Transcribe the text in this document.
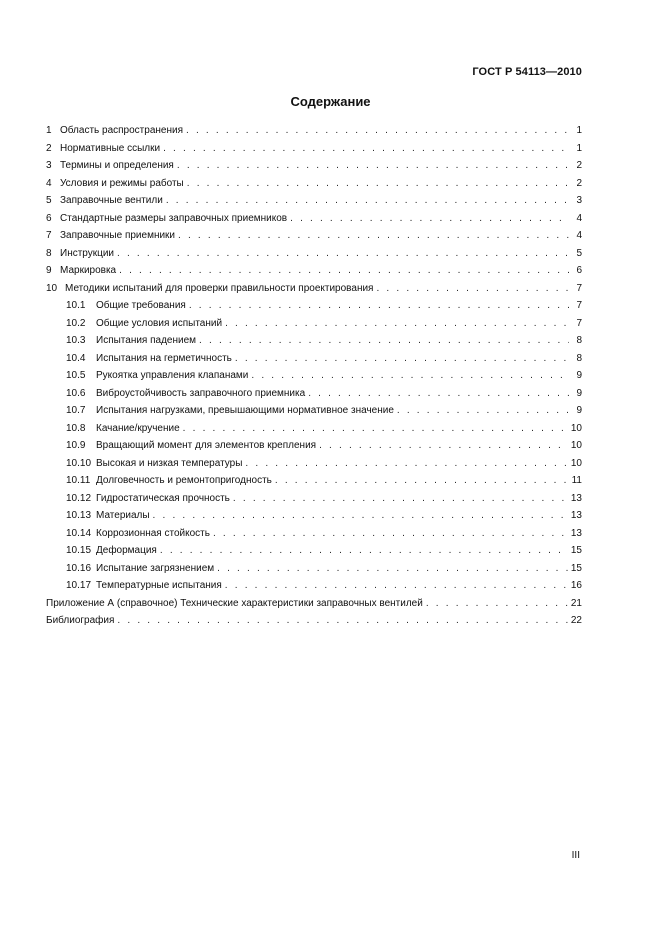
ГОСТ Р 54113—2010
Содержание
1 Область распространения . . .	1
2 Нормативные ссылки . . .	1
3 Термины и определения . . .	2
4 Условия и режимы работы . . .	2
5 Заправочные вентили . . .	3
6 Стандартные размеры заправочных приемников . . .	4
7 Заправочные приемники . . .	4
8 Инструкции . . .	5
9 Маркировка . . .	6
10 Методики испытаний для проверки правильности проектирования . . .	7
10.1	Общие требования . . .	7
10.2	Общие условия испытаний . . .	7
10.3	Испытания падением . . .	8
10.4	Испытания на герметичность . . .	8
10.5	Рукоятка управления клапанами . . .	9
10.6	Виброустойчивость заправочного приемника . . .	9
10.7	Испытания нагрузками, превышающими нормативное значение . . .	9
10.8	Качание/кручение . . .	10
10.9	Вращающий момент для элементов крепления . . .	10
10.10 Высокая и низкая температуры . . .	10
10.11 Долговечность и ремонтопригодность . . .	11
10.12 Гидростатическая прочность . . .	13
10.13 Материалы . . .	13
10.14 Коррозионная стойкость . . .	13
10.15 Деформация . . .	15
10.16 Испытание загрязнением . . .	15
10.17 Температурные испытания . . .	16
Приложение А (справочное) Технические характеристики заправочных вентилей . . .	21
Библиография . . .	22
III
